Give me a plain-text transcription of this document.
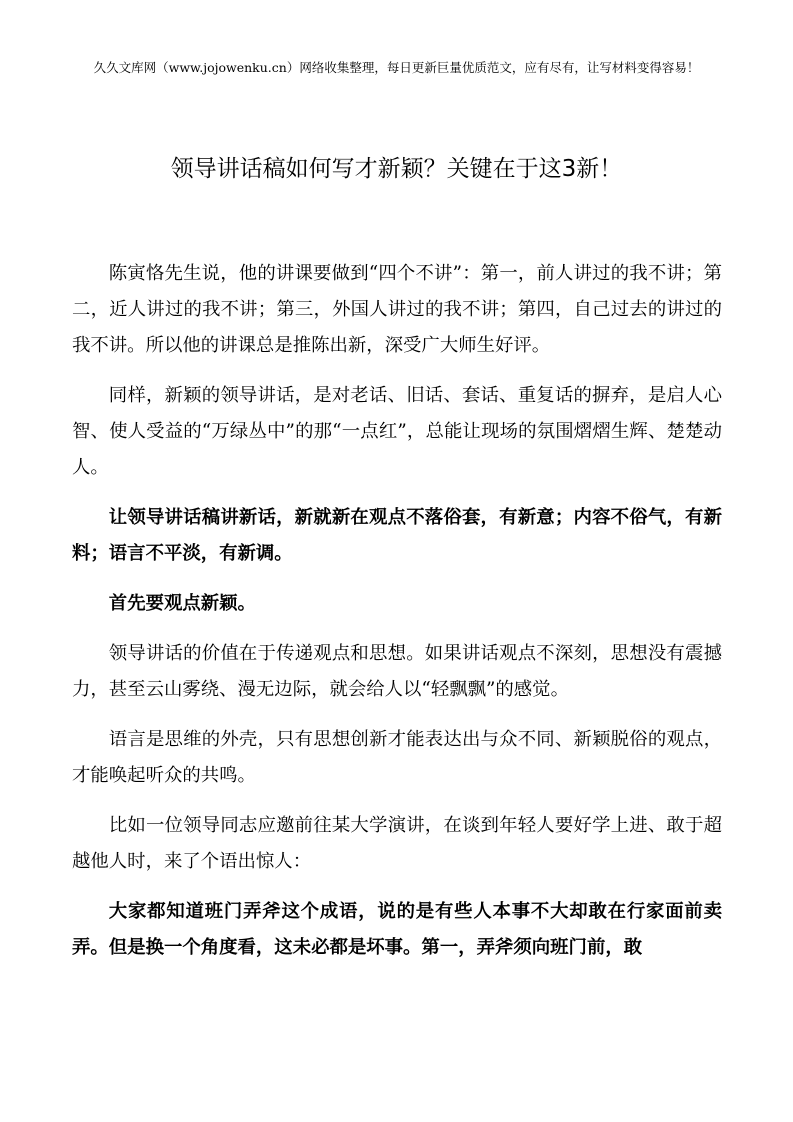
久久文库网（www.jojowenku.cn）网络收集整理，每日更新巨量优质范文，应有尽有，让写材料变得容易！
领导讲话稿如何写才新颖？关键在于这3新！

陈寅恪先生说，他的讲课要做到“四个不讲”：第一，前人讲过的我不讲；第二，近人讲过的我不讲；第三，外国人讲过的我不讲；第四，自己过去的讲过的我不讲。所以他的讲课总是推陈出新，深受广大师生好评。

同样，新颖的领导讲话，是对老话、旧话、套话、重复话的摒弃，是启人心智、使人受益的“万绿丛中”的那“一点红”，总能让现场的氛围熠熠生辉、楚楚动人。

让领导讲话稿讲新话，新就新在观点不落俗套，有新意；内容不俗气，有新料；语言不平淡，有新调。

首先要观点新颖。

领导讲话的价值在于传递观点和思想。如果讲话观点不深刻，思想没有震撼力，甚至云山雾绕、漫无边际，就会给人以“轻飘飘”的感觉。

语言是思维的外壳，只有思想创新才能表达出与众不同、新颖脱俗的观点，才能唤起听众的共鸣。

比如一位领导同志应邀前往某大学演讲，在谈到年轻人要好学上进、敢于超越他人时，来了个语出惊人：

大家都知道班门弄斧这个成语，说的是有些人本事不大却敢在行家面前卖弄。但是换一个角度看，这未必都是坏事。第一，弄斧须向班门前，敢
